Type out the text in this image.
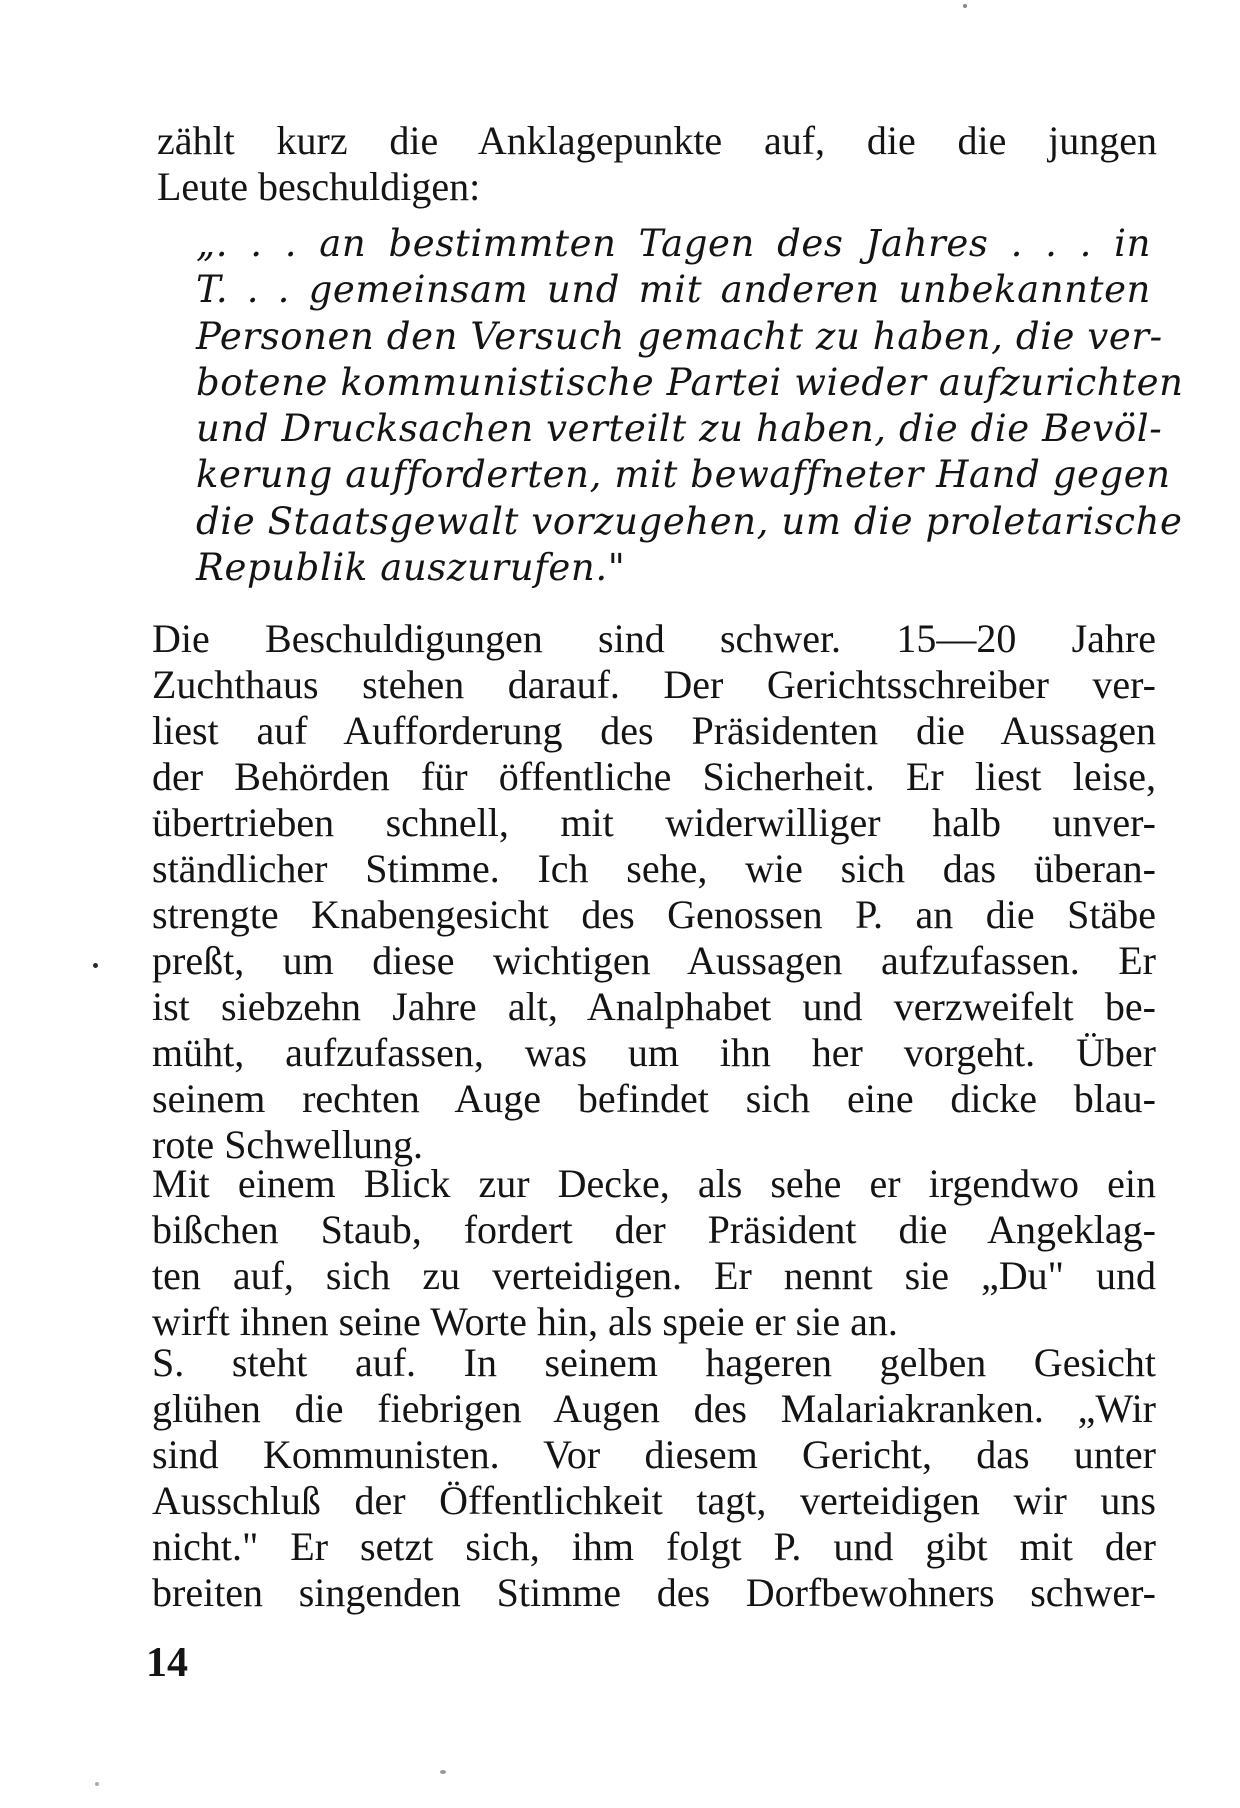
zählt kurz die Anklagepunkte auf, die die jungen
Leute beschuldigen:
„. . . an bestimmten Tagen des Jahres . . . in
T. . . gemeinsam und mit anderen unbekannten
Personen den Versuch gemacht zu haben, die ver-
botene kommunistische Partei wieder aufzurichten
und Drucksachen verteilt zu haben, die die Bevöl-
kerung aufforderten, mit bewaffneter Hand gegen
die Staatsgewalt vorzugehen, um die proletarische
Republik auszurufen."
Die Beschuldigungen sind schwer. 15—20 Jahre
Zuchthaus stehen darauf. Der Gerichtsschreiber ver-
liest auf Aufforderung des Präsidenten die Aussagen
der Behörden für öffentliche Sicherheit. Er liest leise,
übertrieben schnell, mit widerwilliger halb unver-
ständlicher Stimme. Ich sehe, wie sich das überan-
strengte Knabengesicht des Genossen P. an die Stäbe
preßt, um diese wichtigen Aussagen aufzufassen. Er
ist siebzehn Jahre alt, Analphabet und verzweifelt be-
müht, aufzufassen, was um ihn her vorgeht. Über
seinem rechten Auge befindet sich eine dicke blau-
rote Schwellung.
Mit einem Blick zur Decke, als sehe er irgendwo ein
bißchen Staub, fordert der Präsident die Angeklag-
ten auf, sich zu verteidigen. Er nennt sie „Du" und
wirft ihnen seine Worte hin, als speie er sie an.
S. steht auf. In seinem hageren gelben Gesicht
glühen die fiebrigen Augen des Malariakranken. „Wir
sind Kommunisten. Vor diesem Gericht, das unter
Ausschluß der Öffentlichkeit tagt, verteidigen wir uns
nicht." Er setzt sich, ihm folgt P. und gibt mit der
breiten singenden Stimme des Dorfbewohners schwer-
14
